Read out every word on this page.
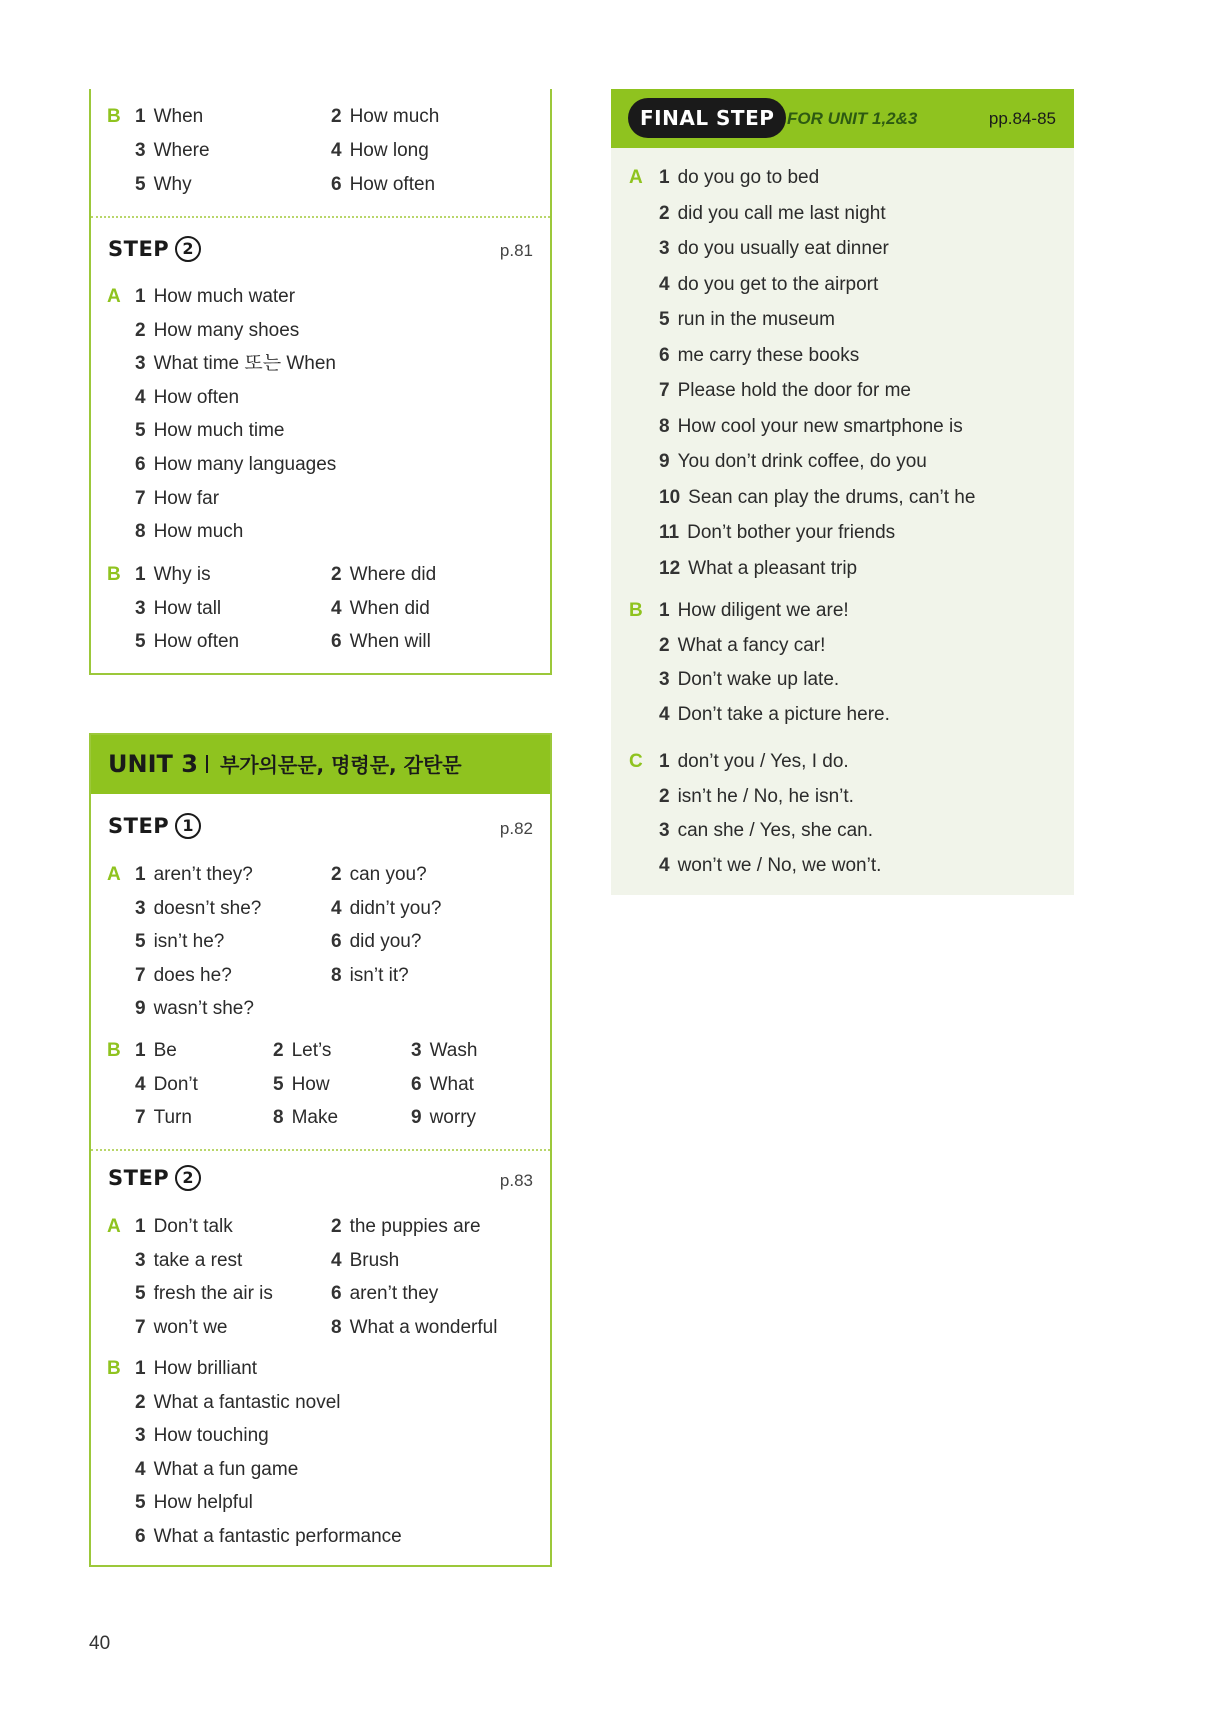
B
STEP 2	p.81
A
B
1 When	2 How much
3 Where	4 How long
5 Why	6 How often
1 How much water
2 How many shoes
3 What time 또는 When
4 How often
5 How much time
6 How many languages
7 How far
8 How much
1 Why is	2 Where did
3 How tall	4 When did
5 How often	6 When will
UNIT 3 부가의문문, 명령문, 감탄문
STEP 1	p.82
A
B
STEP 2	p.83
A
B
1 aren’t they?	2 can you?
3 doesn’t she?	4 didn’t you?
5 isn’t he?	6 did you?
7 does he?	8 isn’t it?
9 wasn’t she?
1 Be	2 Let’s	3 Wash
4 Don’t	5 How	6 What
7 Turn	8 Make	9 worry
1 Don’t talk	2 the puppies are
3 take a rest	4 Brush
5 fresh the air is	6 aren’t they
7 won’t we	8 What a wonderful
1 How brilliant
2 What a fantastic novel
3 How touching
4 What a fun game
5 How helpful
6 What a fantastic performance
FINAL STEP FOR UNIT 1,2&3	pp.84-85
A
B
C
1 do you go to bed
2 did you call me last night
3 do you usually eat dinner
4 do you get to the airport
5 run in the museum
6 me carry these books
7 Please hold the door for me
8 How cool your new smartphone is
9 You don’t drink coffee, do you
10 Sean can play the drums, can’t he
11 Don’t bother your friends
12 What a pleasant trip
1 How diligent we are!
2 What a fancy car!
3 Don’t wake up late.
4 Don’t take a picture here.
1 don’t you / Yes, I do.
2 isn’t he / No, he isn’t.
3 can she / Yes, she can.
4 won’t we / No, we won’t.
40
